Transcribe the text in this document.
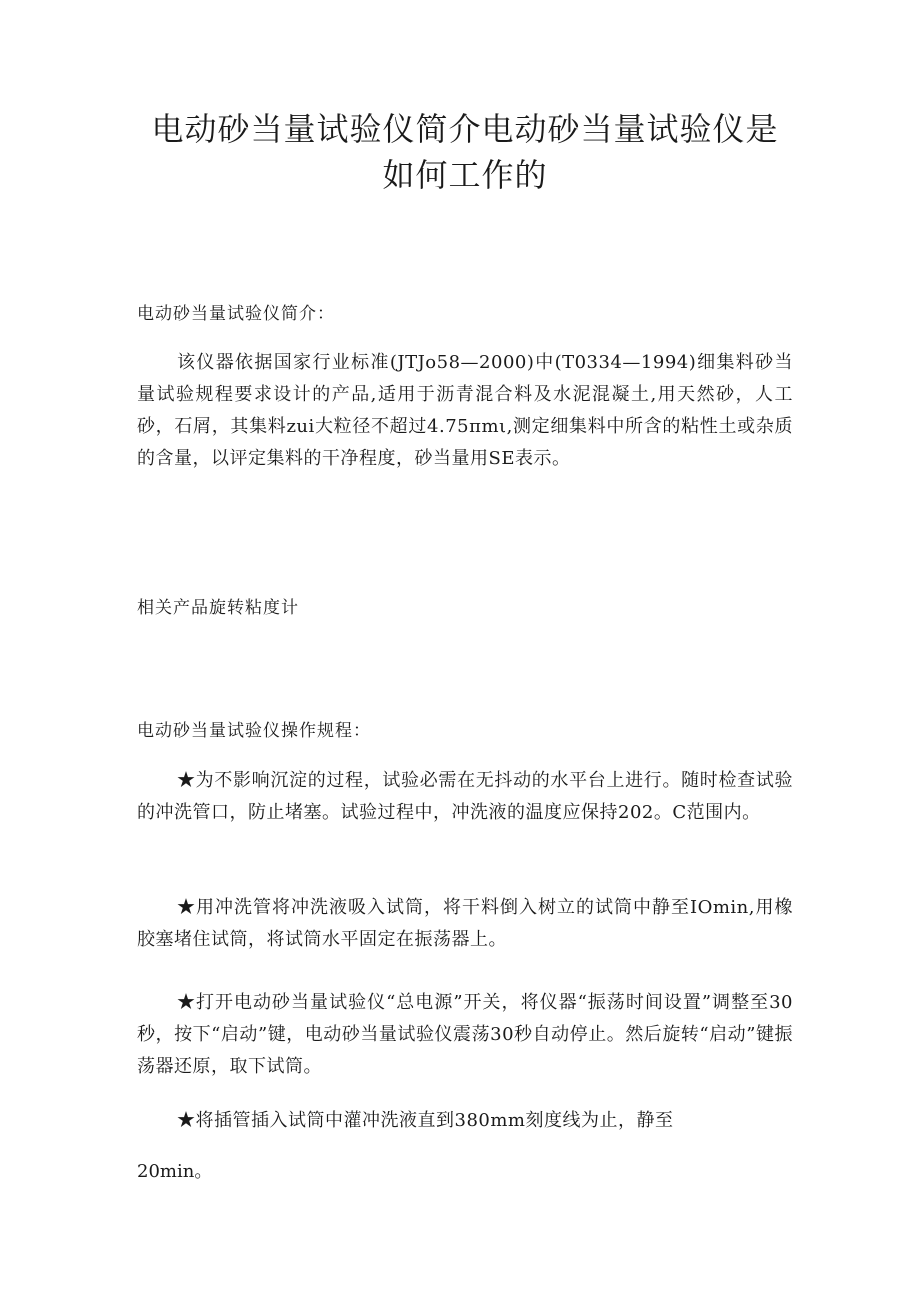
电动砂当量试验仪简介电动砂当量试验仪是如何工作的

电动砂当量试验仪简介：

该仪器依据国家行业标准(JTJo58—2000)中(T0334—1994)细集料砂当量试验规程要求设计的产品,适用于沥青混合料及水泥混凝土,用天然砂，人工砂，石屑，其集料zui大粒径不超过4.75πmι,测定细集料中所含的粘性土或杂质的含量，以评定集料的干净程度，砂当量用SE表示。

相关产品旋转粘度计

电动砂当量试验仪操作规程：

★为不影响沉淀的过程，试验必需在无抖动的水平台上进行。随时检查试验的冲洗管口，防止堵塞。试验过程中，冲洗液的温度应保持202。C范围内。

★用冲洗管将冲洗液吸入试筒，将干料倒入树立的试筒中静至IOmin,用橡胶塞堵住试筒，将试筒水平固定在振荡器上。

★打开电动砂当量试验仪“总电源”开关，将仪器“振荡时间设置”调整至30秒，按下“启动”键，电动砂当量试验仪震荡30秒自动停止。然后旋转“启动”键振荡器还原，取下试筒。

★将插管插入试筒中灌冲洗液直到380mm刻度线为止，静至

20min。
